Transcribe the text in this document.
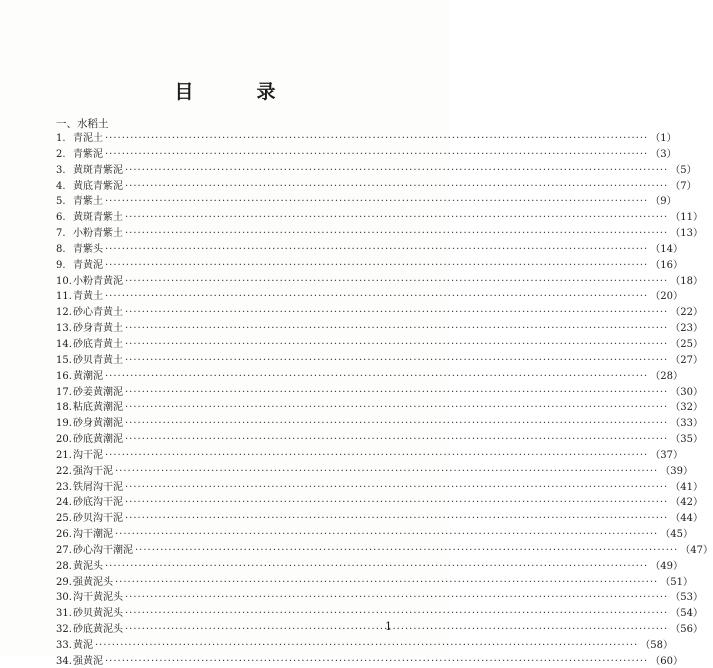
目　录
一、水稻土
1. 青泥土 ·····	（1）
2. 青紫泥 ·····	（3）
3. 黄斑青紫泥 ·····	（5）
4. 黄底青紫泥 ·····	（7）
5. 青紫土 ·····	（9）
6. 黄斑青紫土 ·····	（11）
7. 小粉青紫土 ·····	（13）
8. 青紫头 ·····	（14）
9. 青黄泥 ·····	（16）
10. 小粉青黄泥 ·····	（18）
11. 青黄土 ·····	（20）
12. 砂心青黄土 ·····	（22）
13. 砂身青黄土 ·····	（23）
14. 砂底青黄土 ·····	（25）
15. 砂贝青黄土 ·····	（27）
16. 黄潮泥 ·····	（28）
17. 砂姜黄潮泥 ·····	（30）
18. 粘底黄潮泥 ·····	（32）
19. 砂身黄潮泥 ·····	（33）
20. 砂底黄潮泥 ·····	（35）
21. 沟干泥 ·····	（37）
22. 强沟干泥 ·····	（39）
23. 铁屑沟干泥 ·····	（41）
24. 砂底沟干泥 ·····	（42）
25. 砂贝沟干泥 ·····	（44）
26. 沟干潮泥 ·····	（45）
27. 砂心沟干潮泥 ·····	（47）
28. 黄泥头 ·····	（49）
29. 强黄泥头 ·····	（51）
30. 沟干黄泥头 ·····	（53）
31. 砂贝黄泥头 ·····	（54）
32. 砂底黄泥头 ·····	（56）
33. 黄泥 ·····	（58）
34. 强黄泥 ·····	（60）
1
